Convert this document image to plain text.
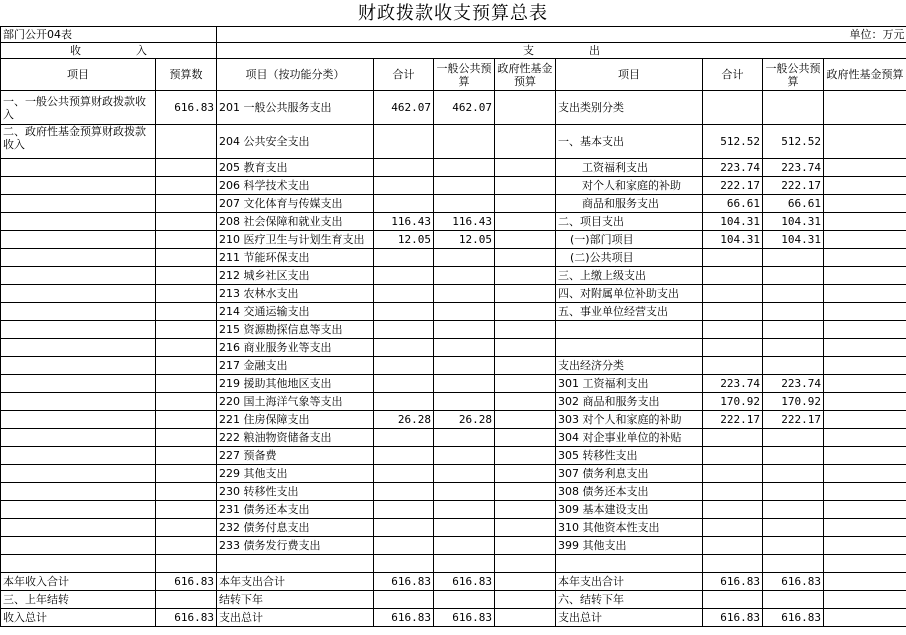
财政拨款收支预算总表
部门公开04表									单位：万元
收　　　　　入		支　　　　　出							
项目	预算数	项目（按功能分类）	合计	一般公共预算	政府性基金预算	项目	合计	一般公共预算	政府性基金预算
一、一般公共预算财政拨款收入	616.83	201 一般公共服务支出	462.07	462.07		支出类别分类			
二、政府性基金预算财政拨款收入		204 公共安全支出				一、基本支出	512.52	512.52	
		205 教育支出				工资福利支出	223.74	223.74	
		206 科学技术支出				对个人和家庭的补助	222.17	222.17	
		207 文化体育与传媒支出				商品和服务支出	66.61	66.61	
		208 社会保障和就业支出	116.43	116.43		二、项目支出	104.31	104.31	
		210 医疗卫生与计划生育支出	12.05	12.05		(一)部门项目	104.31	104.31	
		211 节能环保支出				(二)公共项目			
		212 城乡社区支出				三、上缴上级支出			
		213 农林水支出				四、对附属单位补助支出			
		214 交通运输支出				五、事业单位经营支出			
		215 资源勘探信息等支出							
		216 商业服务业等支出							
		217 金融支出				支出经济分类			
		219 援助其他地区支出				301 工资福利支出	223.74	223.74	
		220 国土海洋气象等支出				302 商品和服务支出	170.92	170.92	
		221 住房保障支出	26.28	26.28		303 对个人和家庭的补助	222.17	222.17	
		222 粮油物资储备支出				304 对企事业单位的补贴			
		227 预备费				305 转移性支出			
		229 其他支出				307 债务利息支出			
		230 转移性支出				308 债务还本支出			
		231 债务还本支出				309 基本建设支出			
		232 债务付息支出				310 其他资本性支出			
		233 债务发行费支出				399 其他支出			

本年收入合计	616.83	本年支出合计	616.83	616.83		本年支出合计	616.83	616.83	
三、上年结转		结转下年				六、结转下年			
收入总计	616.83	支出总计	616.83	616.83		支出总计	616.83	616.83	
